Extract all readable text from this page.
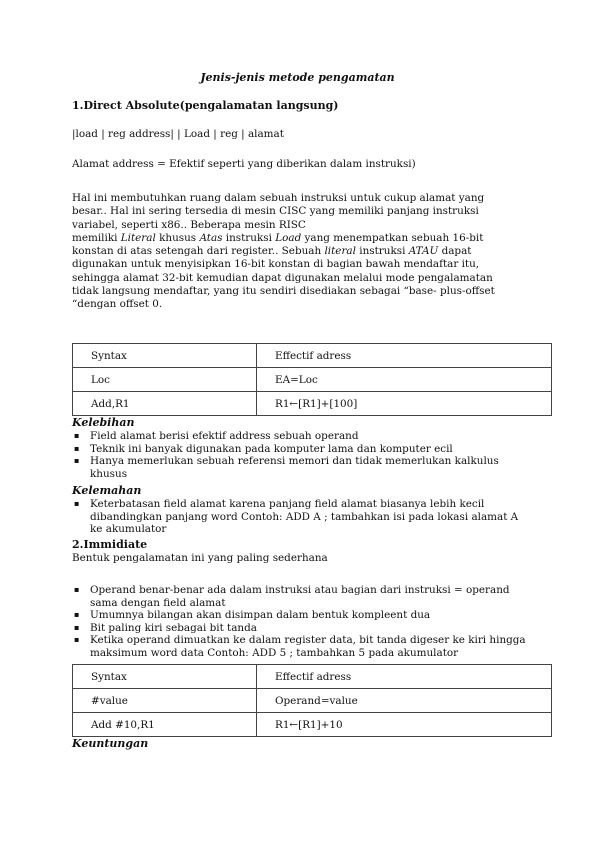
Jenis-jenis metode pengamatan
1.Direct Absolute(pengalamatan langsung)
|load | reg address| | Load | reg | alamat
Alamat address = Efektif seperti yang diberikan dalam instruksi)
Hal ini membutuhkan ruang dalam sebuah instruksi untuk cukup alamat yang
besar.. Hal ini sering tersedia di mesin CISC yang memiliki panjang instruksi
variabel, seperti x86.. Beberapa mesin RISC
memiliki Literal khusus Atas instruksi Load yang menempatkan sebuah 16-bit
konstan di atas setengah dari register.. Sebuah literal instruksi ATAU dapat
digunakan untuk menyisipkan 16-bit konstan di bagian bawah mendaftar itu,
sehingga alamat 32-bit kemudian dapat digunakan melalui mode pengalamatan
tidak langsung mendaftar, yang itu sendiri disediakan sebagai “base- plus-offset
“dengan offset 0.
Syntax	Effectif adress
Loc	EA=Loc
Add,R1	R1←[R1]+[100]
Kelebihan
▪ Field alamat berisi efektif address sebuah operand
▪ Teknik ini banyak digunakan pada komputer lama dan komputer ecil
▪ Hanya memerlukan sebuah referensi memori dan tidak memerlukan kalkulus
khusus
Kelemahan
▪ Keterbatasan field alamat karena panjang field alamat biasanya lebih kecil
dibandingkan panjang word Contoh: ADD A ; tambahkan isi pada lokasi alamat A
ke akumulator
2.Immidiate
Bentuk pengalamatan ini yang paling sederhana
▪ Operand benar-benar ada dalam instruksi atau bagian dari instruksi = operand
sama dengan field alamat
▪ Umumnya bilangan akan disimpan dalam bentuk kompleent dua
▪ Bit paling kiri sebagai bit tanda
▪ Ketika operand dimuatkan ke dalam register data, bit tanda digeser ke kiri hingga
maksimum word data Contoh: ADD 5 ; tambahkan 5 pada akumulator
Syntax	Effectif adress
#value	Operand=value
Add #10,R1	R1←[R1]+10
Keuntungan
